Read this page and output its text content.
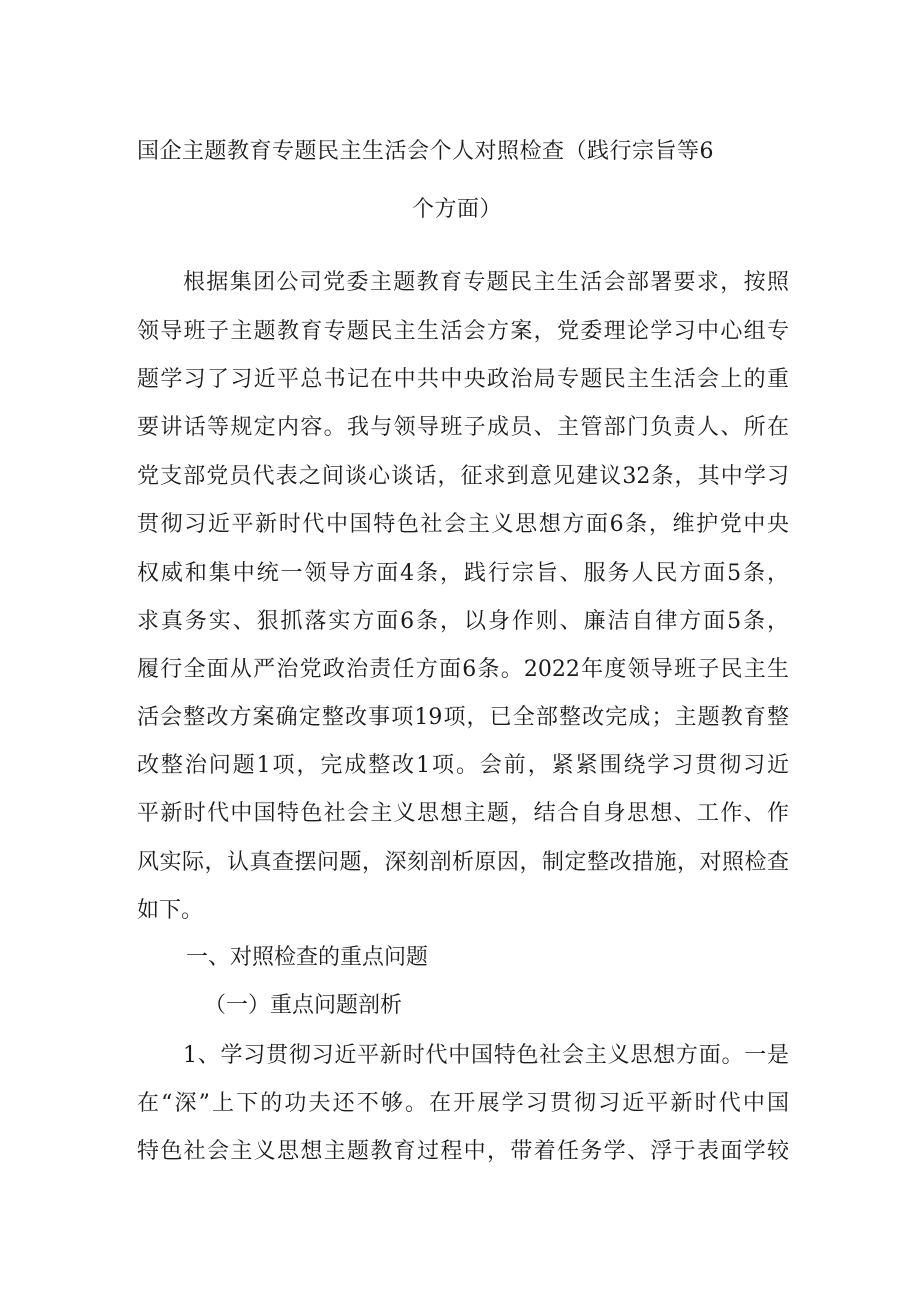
国企主题教育专题民主生活会个人对照检查（践行宗旨等6
个方面）
根据集团公司党委主题教育专题民主生活会部署要求，按照
领导班子主题教育专题民主生活会方案，党委理论学习中心组专
题学习了习近平总书记在中共中央政治局专题民主生活会上的重
要讲话等规定内容。我与领导班子成员、主管部门负责人、所在
党支部党员代表之间谈心谈话，征求到意见建议32条，其中学习
贯彻习近平新时代中国特色社会主义思想方面6条，维护党中央
权威和集中统一领导方面4条，践行宗旨、服务人民方面5条，
求真务实、狠抓落实方面6条，以身作则、廉洁自律方面5条，
履行全面从严治党政治责任方面6条。2022年度领导班子民主生
活会整改方案确定整改事项19项，已全部整改完成；主题教育整
改整治问题1项，完成整改1项。会前，紧紧围绕学习贯彻习近
平新时代中国特色社会主义思想主题，结合自身思想、工作、作
风实际，认真查摆问题，深刻剖析原因，制定整改措施，对照检查
如下。
一、对照检查的重点问题
（一）重点问题剖析
1、学习贯彻习近平新时代中国特色社会主义思想方面。一是
在“深”上下的功夫还不够。在开展学习贯彻习近平新时代中国
特色社会主义思想主题教育过程中，带着任务学、浮于表面学较
